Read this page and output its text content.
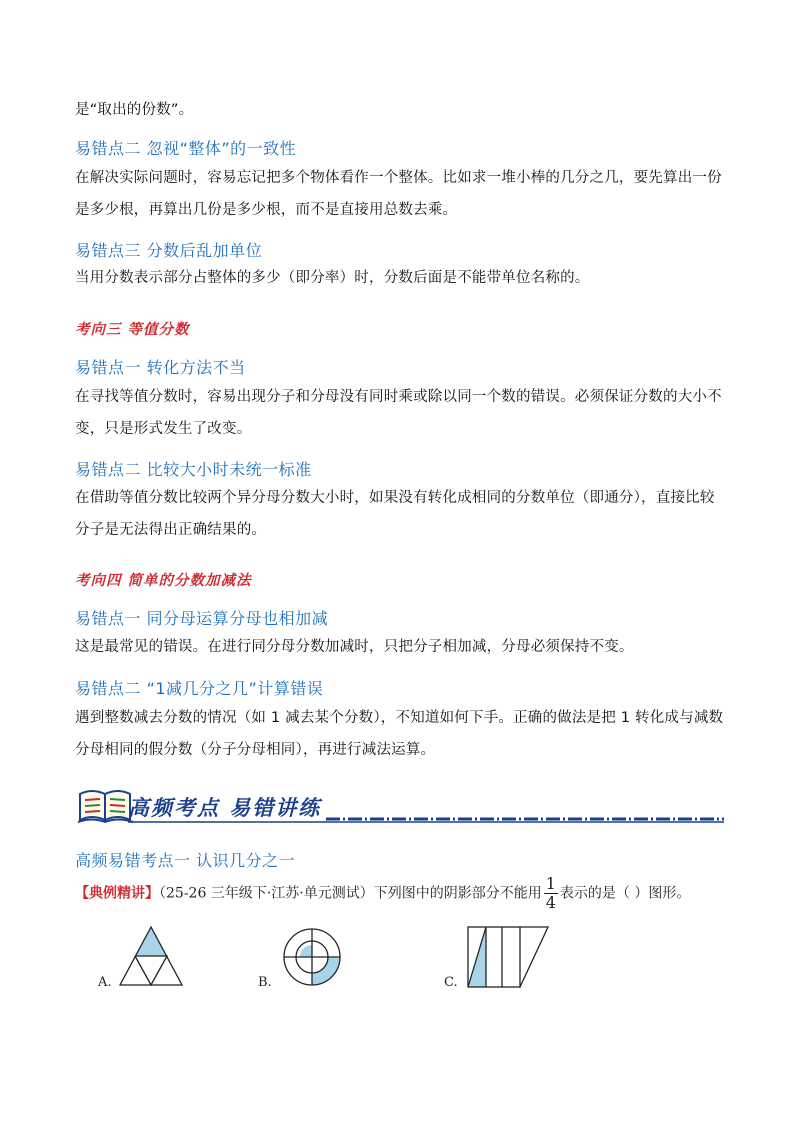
是“取出的份数”。
易错点二 忽视“整体”的一致性
在解决实际问题时，容易忘记把多个物体看作一个整体。比如求一堆小棒的几分之几，要先算出一份
是多少根，再算出几份是多少根，而不是直接用总数去乘。
易错点三 分数后乱加单位
当用分数表示部分占整体的多少（即分率）时，分数后面是不能带单位名称的。
考向三 等值分数
易错点一 转化方法不当
在寻找等值分数时，容易出现分子和分母没有同时乘或除以同一个数的错误。必须保证分数的大小不
变，只是形式发生了改变。
易错点二 比较大小时未统一标准
在借助等值分数比较两个异分母分数大小时，如果没有转化成相同的分数单位（即通分），直接比较
分子是无法得出正确结果的。
考向四 简单的分数加减法
易错点一 同分母运算分母也相加减
这是最常见的错误。在进行同分母分数加减时，只把分子相加减，分母必须保持不变。
易错点二 “1减几分之几”计算错误
遇到整数减去分数的情况（如 1 减去某个分数），不知道如何下手。正确的做法是把 1 转化成与减数
分母相同的假分数（分子分母相同），再进行减法运算。
高频考点 易错讲练
高频易错考点一 认识几分之一
【典例精讲】（25-26 三年级下·江苏·单元测试）下列图中的阴影部分不能用 $\frac{1}{4}$ 表示的是（ ）图形。
A.	B.	C.
